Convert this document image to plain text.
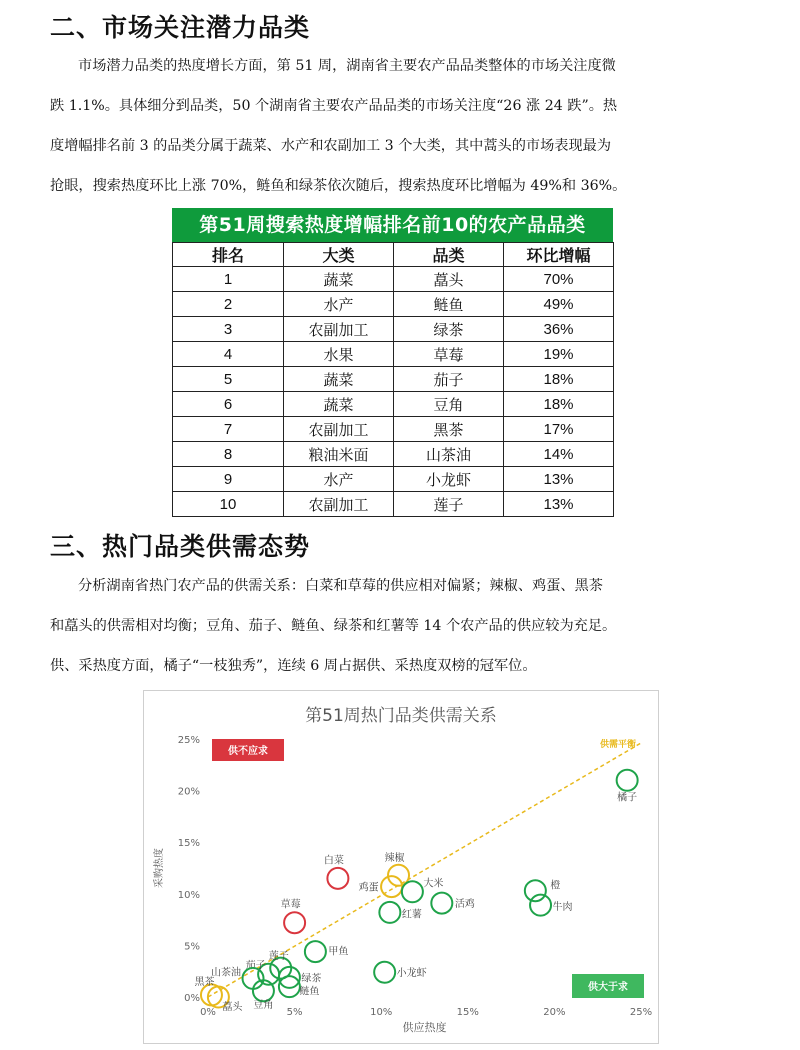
二、市场关注潜力品类
市场潜力品类的热度增长方面，第 51 周，湖南省主要农产品品类整体的市场关注度微
跌 1.1%。具体细分到品类，50 个湖南省主要农产品品类的市场关注度“26 涨 24 跌”。热
度增幅排名前 3 的品类分属于蔬菜、水产和农副加工 3 个大类，其中蒿头的市场表现最为
抢眼，搜索热度环比上涨 70%，鲢鱼和绿茶依次随后，搜索热度环比增幅为 49%和 36%。
第51周搜索热度增幅排名前10的农产品品类
排名	大类	品类	环比增幅
1	蔬菜	藠头	70%
2	水产	鲢鱼	49%
3	农副加工	绿茶	36%
4	水果	草莓	19%
5	蔬菜	茄子	18%
6	蔬菜	豆角	18%
7	农副加工	黑茶	17%
8	粮油米面	山茶油	14%
9	水产	小龙虾	13%
10	农副加工	莲子	13%
三、热门品类供需态势
分析湖南省热门农产品的供需关系：白菜和草莓的供应相对偏紧；辣椒、鸡蛋、黑茶
和藠头的供需相对均衡；豆角、茄子、鲢鱼、绿茶和红薯等 14 个农产品的供应较为充足。
供、采热度方面，橘子“一枝独秀”，连续 6 周占据供、采热度双榜的冠军位。
第51周热门品类供需关系
0%
5%
10%
15%
20%
25%
0%	5%	10%	15%	20%	25%
供应热度
采购热度
供需平衡
供不应求
供大于求
橘子
白菜
草莓
辣椒
鸡蛋
黑茶
藠头
大米
活鸡
红薯
橙
牛肉
甲鱼
小龙虾
莲子
茄子
山茶油
绿茶
鲢鱼
豆角
